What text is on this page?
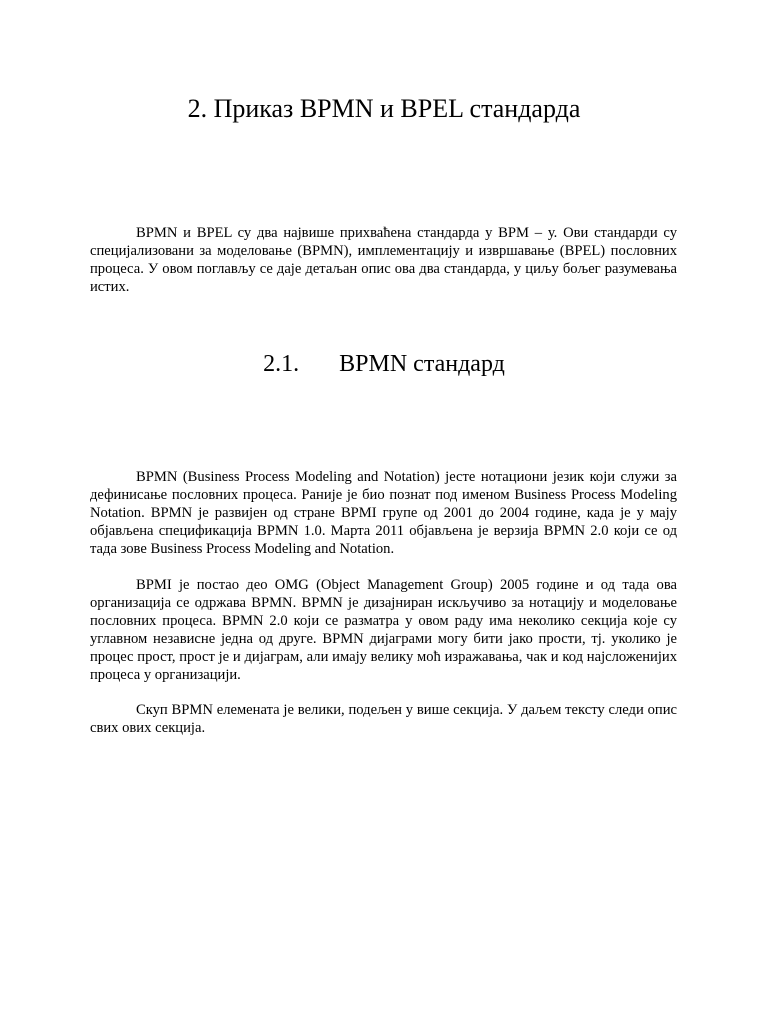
2. Приказ BPMN и BPEL стандарда

BPMN и BPEL су два највише прихваћена стандарда у BPM – у. Ови стандарди су специјализовани за моделовање (BPMN), имплементацију и извршавање (BPEL) пословних процеса. У овом поглављу се даје детаљан опис ова два стандарда, у циљу бољег разумевања истих.

2.1. BPMN стандард

BPMN (Business Process Modeling and Notation) јесте нотациони језик који служи за дефинисање пословних процеса. Раније је био познат под именом Business Process Modeling Notation. BPMN је развијен од стране BPMI групе од 2001 до 2004 године, када је у мају објављена спецификација BPMN 1.0. Марта 2011 објављена је верзија BPMN 2.0 који се од тада зове Business Process Modeling and Notation.

BPMI је постао део OMG (Object Management Group) 2005 године и од тада ова организација се одржава BPMN. BPMN је дизајниран искључиво за нотацију и моделовање пословних процеса. BPMN 2.0 који се разматра у овом раду има неколико секција које су углавном независне једна од друге. BPMN дијаграми могу бити јако прости, тј. уколико је процес прост, прост је и дијаграм, али имају велику моћ изражавања, чак и код најсложенијих процеса у организацији.

Скуп BPMN елемената је велики, подељен у више секција. У даљем тексту следи опис свих ових секција.
